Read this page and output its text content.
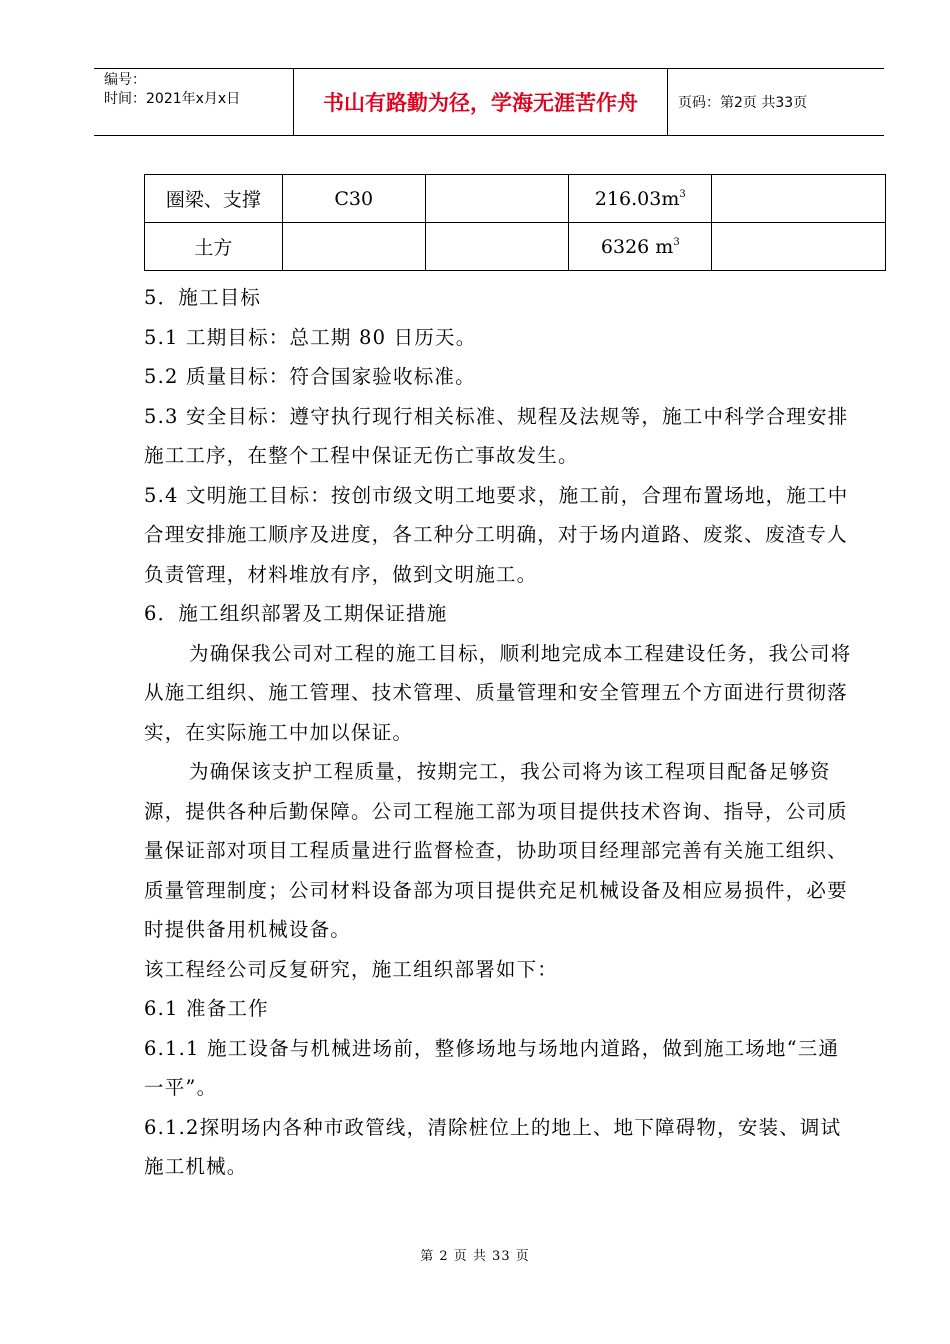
编号：
时间：2021年x月x日	书山有路勤为径，学海无涯苦作舟	页码：第2页 共33页
圈梁、支撑	C30		$216.03m^3$	
土方			6326 $m^3$	

5．施工目标

5.1 工期目标：总工期 80 日历天。

5.2 质量目标：符合国家验收标准。

5.3 安全目标：遵守执行现行相关标准、规程及法规等，施工中科学合理安排施工工序，在整个工程中保证无伤亡事故发生。

5.4 文明施工目标：按创市级文明工地要求，施工前，合理布置场地，施工中合理安排施工顺序及进度，各工种分工明确，对于场内道路、废浆、废渣专人负责管理，材料堆放有序，做到文明施工。

6．施工组织部署及工期保证措施

为确保我公司对工程的施工目标，顺利地完成本工程建设任务，我公司将从施工组织、施工管理、技术管理、质量管理和安全管理五个方面进行贯彻落实，在实际施工中加以保证。

为确保该支护工程质量，按期完工，我公司将为该工程项目配备足够资源，提供各种后勤保障。公司工程施工部为项目提供技术咨询、指导，公司质量保证部对项目工程质量进行监督检查，协助项目经理部完善有关施工组织、质量管理制度；公司材料设备部为项目提供充足机械设备及相应易损件，必要时提供备用机械设备。

该工程经公司反复研究，施工组织部署如下：

6.1 准备工作

6.1.1 施工设备与机械进场前，整修场地与场地内道路，做到施工场地“三通一平”。

6.1.2探明场内各种市政管线，清除桩位上的地上、地下障碍物，安装、调试施工机械。

第 2 页 共 33 页
